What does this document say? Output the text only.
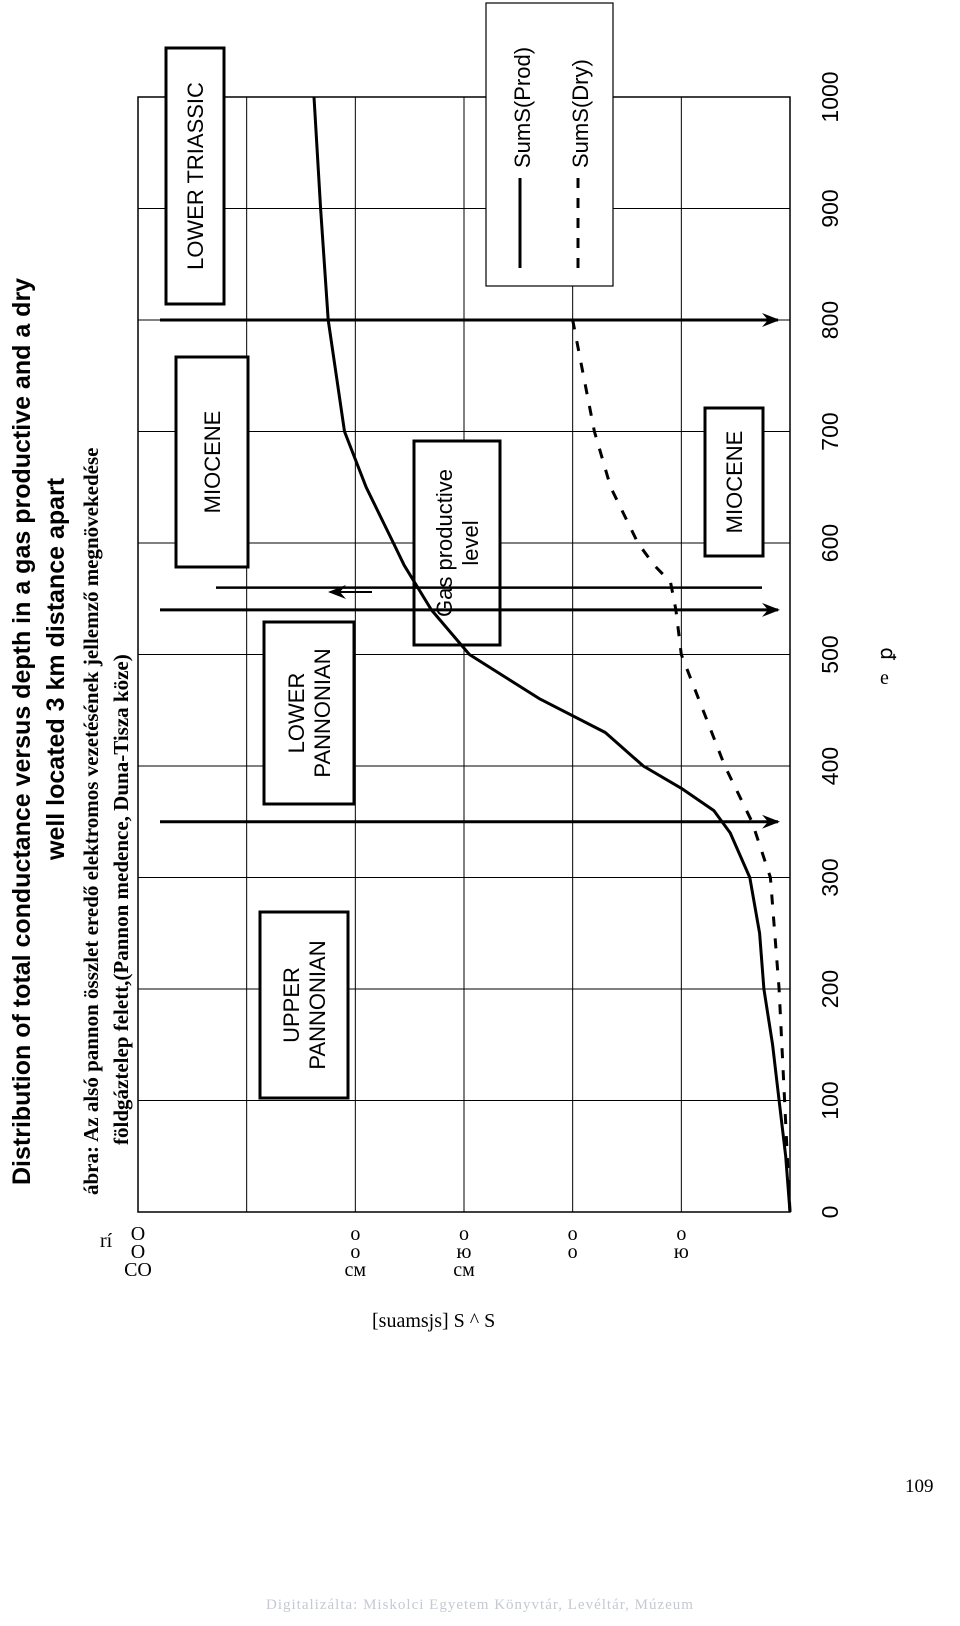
Distribution of total conductance versus depth in a gas productive and a dry well located 3 km distance apart ábra: Az alsó pannon összlet eredő elektromos vezetésének jellemző megnövekedése földgáztelep felett,(Pannon medence, Duna-Tisza köze)
0
100
200
300
400
500
600
700
800
900
1000
о
ю
о
о
о
ю
см
о
о
см
О
О
СО
rí
[suamsjs] S ^ S
e
ꝑ
UPPER PANNONIAN
LOWER PANNONIAN
MIOCENE
LOWER TRIASSIC
Gas productive level
MIOCENE
SumS(Prod) SumS(Dry)
109
Digitalizálta: Miskolci Egyetem Könyvtár, Levéltár, Múzeum
